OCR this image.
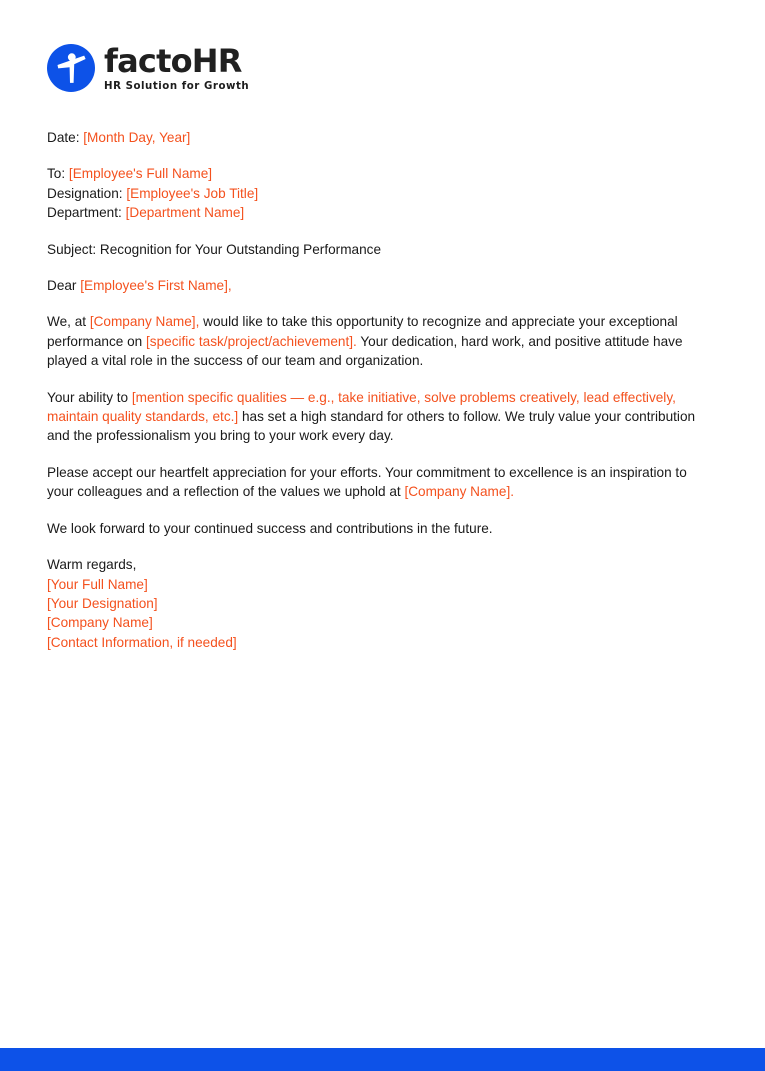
factoHR
HR Solution for Growth

Date: [Month Day, Year]

To: [Employee's Full Name]

Designation: [Employee's Job Title]

Department: [Department Name]

Subject: Recognition for Your Outstanding Performance

Dear [Employee's First Name],

We, at [Company Name], would like to take this opportunity to recognize and appreciate your exceptional performance on [specific task/project/achievement]. Your dedication, hard work, and positive attitude have played a vital role in the success of our team and organization.

Your ability to [mention specific qualities — e.g., take initiative, solve problems creatively, lead effectively, maintain quality standards, etc.] has set a high standard for others to follow. We truly value your contribution and the professionalism you bring to your work every day.

Please accept our heartfelt appreciation for your efforts. Your commitment to excellence is an inspiration to your colleagues and a reflection of the values we uphold at [Company Name].

We look forward to your continued success and contributions in the future.

Warm regards,

[Your Full Name]

[Your Designation]

[Company Name]

[Contact Information, if needed]
